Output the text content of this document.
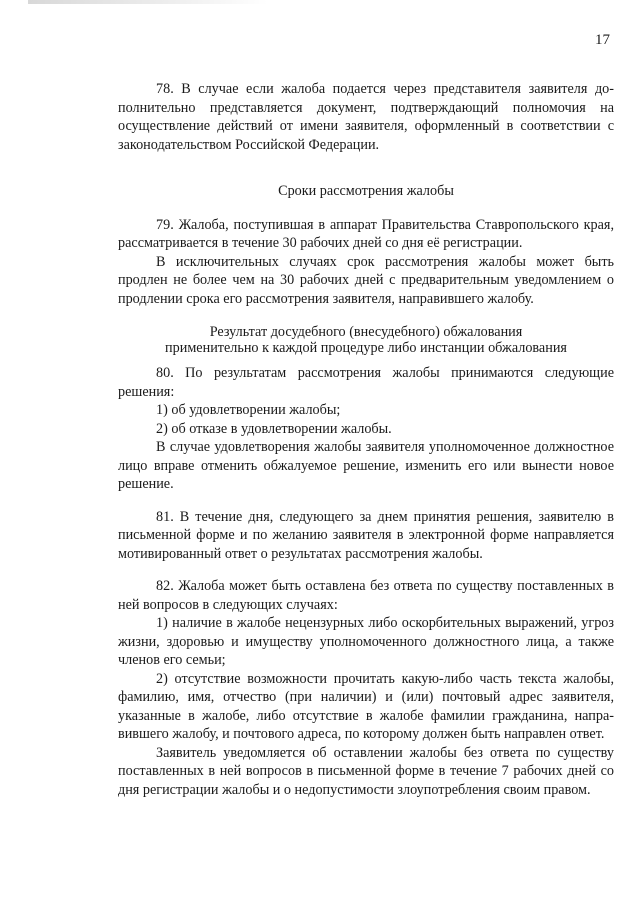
17

78. В случае если жалоба подается через представителя заявителя дополнительно представляется документ, подтверждающий полномочия на осуществление действий от имени заявителя, оформленный в соответствии с законодательством Российской Федерации.

Сроки рассмотрения жалобы

79. Жалоба, поступившая в аппарат Правительства Ставропольского края, рассматривается в течение 30 рабочих дней со дня её регистрации.

В исключительных случаях срок рассмотрения жалобы может быть продлен не более чем на 30 рабочих дней с предварительным уведомлением о продлении срока его рассмотрения заявителя, направившего жалобу.

Результат досудебного (внесудебного) обжалования
применительно к каждой процедуре либо инстанции обжалования

80. По результатам рассмотрения жалобы принимаются следующие решения:

1) об удовлетворении жалобы;

2) об отказе в удовлетворении жалобы.

В случае удовлетворения жалобы заявителя уполномоченное должностное лицо вправе отменить обжалуемое решение, изменить его или вынести новое решение.

81. В течение дня, следующего за днем принятия решения, заявителю в письменной форме и по желанию заявителя в электронной форме направляется мотивированный ответ о результатах рассмотрения жалобы.

82. Жалоба может быть оставлена без ответа по существу поставленных в ней вопросов в следующих случаях:

1) наличие в жалобе нецензурных либо оскорбительных выражений, угроз жизни, здоровью и имуществу уполномоченного должностного лица, а также членов его семьи;

2) отсутствие возможности прочитать какую-либо часть текста жалобы, фамилию, имя, отчество (при наличии) и (или) почтовый адрес заявителя, указанные в жалобе, либо отсутствие в жалобе фамилии гражданина, направившего жалобу, и почтового адреса, по которому должен быть направлен ответ.

Заявитель уведомляется об оставлении жалобы без ответа по существу поставленных в ней вопросов в письменной форме в течение 7 рабочих дней со дня регистрации жалобы и о недопустимости злоупотребления своим правом.
